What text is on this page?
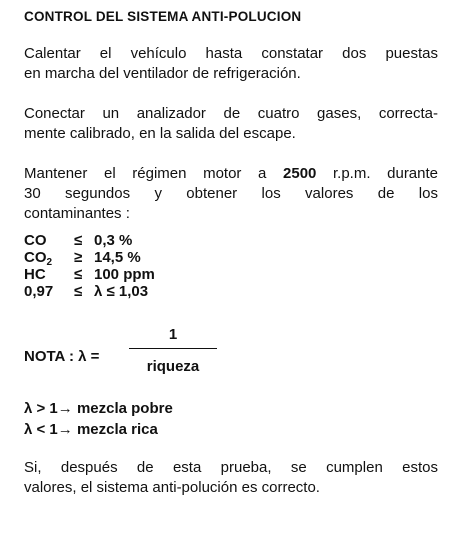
CONTROL DEL SISTEMA ANTI-POLUCION
Calentar el vehículo hasta constatar dos puestas
en marcha del ventilador de refrigeración.
Conectar un analizador de cuatro gases, correcta-
mente calibrado, en la salida del escape.
Mantener el régimen motor a 2500 r.p.m. durante
30 segundos y obtener los valores de los
contaminantes :
CO	≤ 0,3 %
$CO_2$	≥ 14,5 %
HC	≤ 100 ppm
0,97	≤ λ ≤ 1,03
NOTA : λ =
1
riqueza
λ > 1→ mezcla pobre
λ < 1→ mezcla rica
Si, después de esta prueba, se cumplen estos
valores, el sistema anti-polución es correcto.
